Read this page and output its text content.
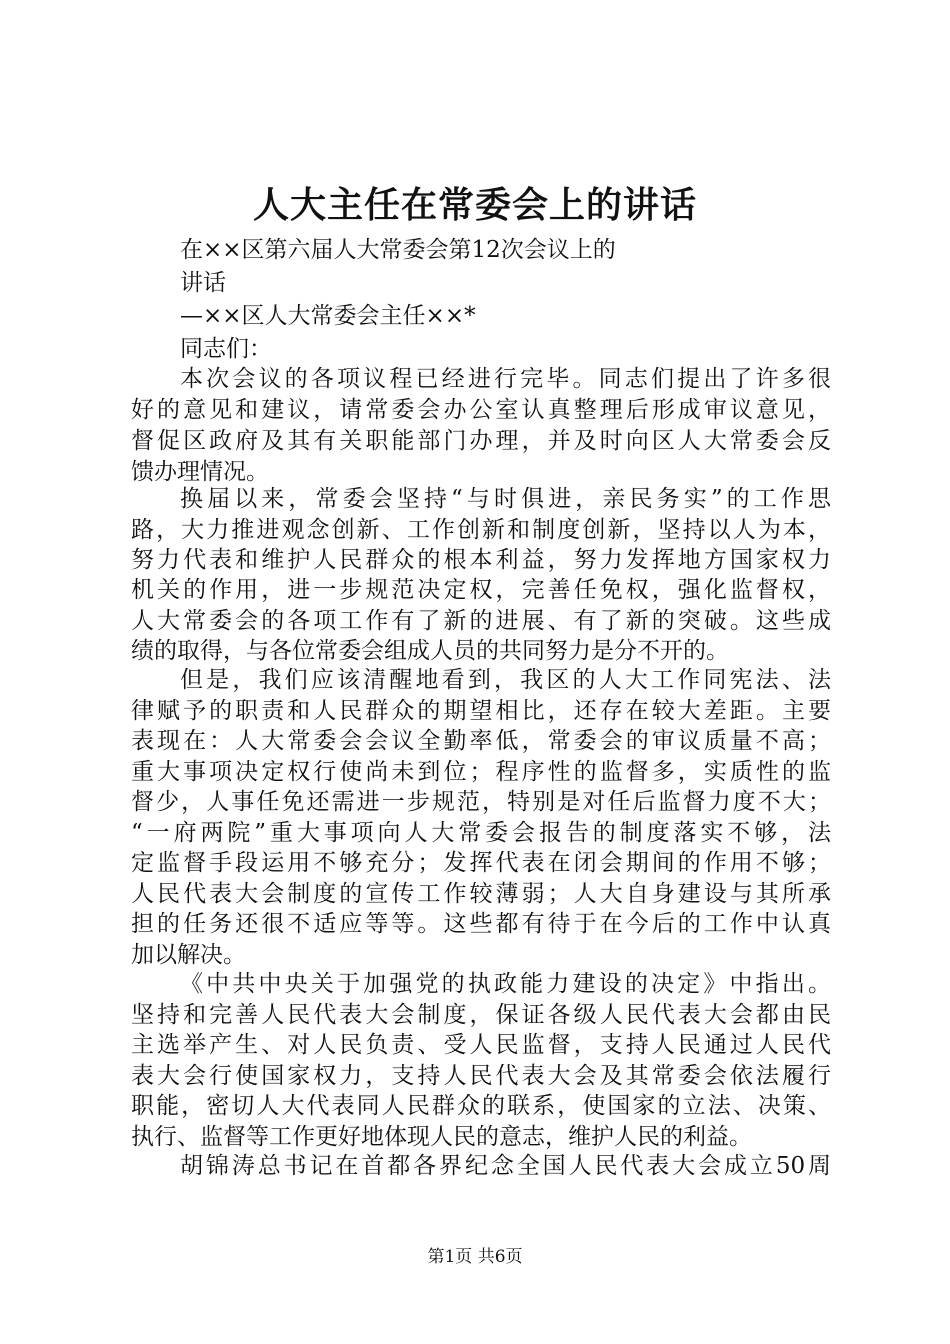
人大主任在常委会上的讲话
在××区第六届人大常委会第12次会议上的
讲话
—××区人大常委会主任××*
同志们：
本次会议的各项议程已经进行完毕。同志们提出了许多很
好的意见和建议，请常委会办公室认真整理后形成审议意见，
督促区政府及其有关职能部门办理，并及时向区人大常委会反
馈办理情况。
换届以来，常委会坚持“与时俱进，亲民务实”的工作思
路，大力推进观念创新、工作创新和制度创新，坚持以人为本，
努力代表和维护人民群众的根本利益，努力发挥地方国家权力
机关的作用，进一步规范决定权，完善任免权，强化监督权，
人大常委会的各项工作有了新的进展、有了新的突破。这些成
绩的取得，与各位常委会组成人员的共同努力是分不开的。
但是，我们应该清醒地看到，我区的人大工作同宪法、法
律赋予的职责和人民群众的期望相比，还存在较大差距。主要
表现在：人大常委会会议全勤率低，常委会的审议质量不高；
重大事项决定权行使尚未到位；程序性的监督多，实质性的监
督少，人事任免还需进一步规范，特别是对任后监督力度不大；
“一府两院”重大事项向人大常委会报告的制度落实不够，法
定监督手段运用不够充分；发挥代表在闭会期间的作用不够；
人民代表大会制度的宣传工作较薄弱；人大自身建设与其所承
担的任务还很不适应等等。这些都有待于在今后的工作中认真
加以解决。
《中共中央关于加强党的执政能力建设的决定》中指出。
坚持和完善人民代表大会制度，保证各级人民代表大会都由民
主选举产生、对人民负责、受人民监督，支持人民通过人民代
表大会行使国家权力，支持人民代表大会及其常委会依法履行
职能，密切人大代表同人民群众的联系，使国家的立法、决策、
执行、监督等工作更好地体现人民的意志，维护人民的利益。
胡锦涛总书记在首都各界纪念全国人民代表大会成立50周
第1页 共6页
